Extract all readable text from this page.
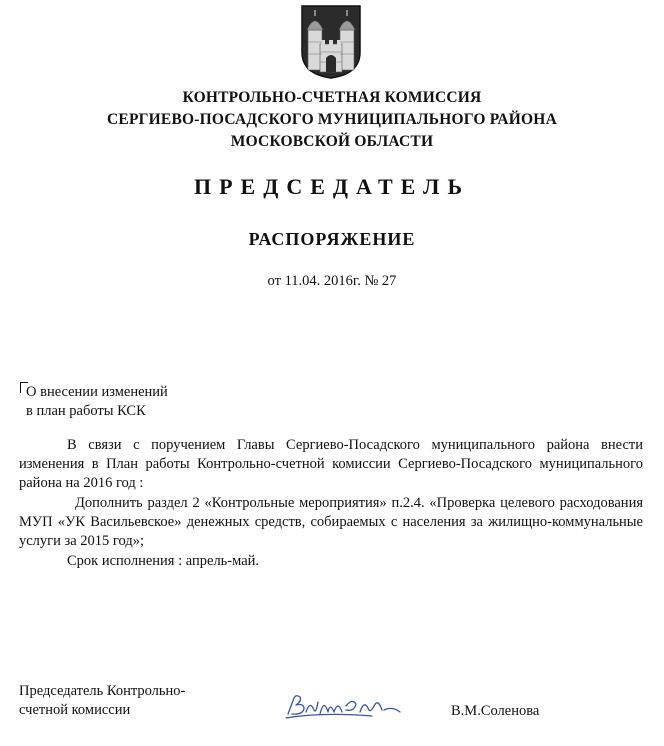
КОНТРОЛЬНО-СЧЕТНАЯ КОМИССИЯ
СЕРГИЕВО-ПОСАДСКОГО МУНИЦИПАЛЬНОГО РАЙОНА
МОСКОВСКОЙ ОБЛАСТИ
ПРЕДСЕДАТЕЛЬ
РАСПОРЯЖЕНИЕ
от 11.04. 2016г. № 27
О внесении изменений
в план работы КСК
В связи с поручением Главы Сергиево-Посадского муниципального района внести изменения в План работы Контрольно-счетной комиссии Сергиево-Посадского муниципального района на 2016 год :
Дополнить раздел 2 «Контрольные мероприятия» п.2.4. «Проверка целевого расходования МУП «УК Васильевское» денежных средств, собираемых с населения за жилищно-коммунальные услуги за 2015 год»;
Срок исполнения : апрель-май.
Председатель Контрольно-
счетной комиссии	В.М.Соленова
